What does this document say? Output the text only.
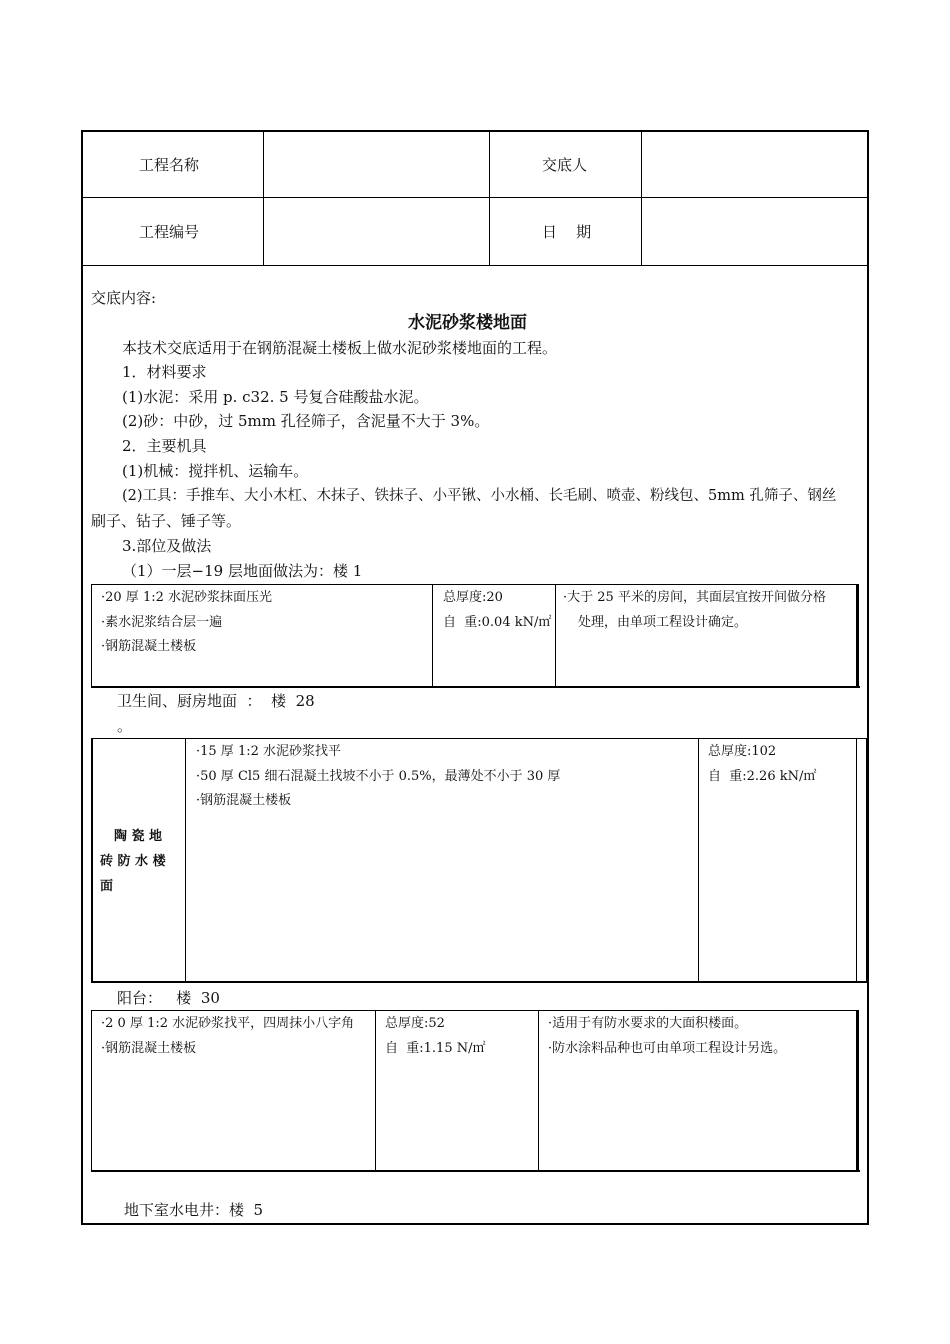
工程名称	交底人
工程编号	日    期
交底内容:
水泥砂浆楼地面
本技术交底适用于在钢筋混凝土楼板上做水泥砂浆楼地面的工程。
1．材料要求
(1)水泥：采用 p. c32. 5 号复合硅酸盐水泥。
(2)砂：中砂，过 5mm 孔径筛子，含泥量不大于 3%。
2．主要机具
(1)机械：搅拌机、运输车。
(2)工具：手推车、大小木杠、木抹子、铁抹子、小平锹、小水桶、长毛刷、喷壶、粉线包、5mm 孔筛子、钢丝
刷子、钻子、锤子等。
3.部位及做法
（1）一层−19 层地面做法为：楼 1
·20 厚 1:2 水泥砂浆抹面压光
·素水泥浆结合层一遍
·钢筋混凝土楼板
总厚度:20
自  重:0.04 kN/㎡
·大于 25 平米的房间，其面层宜按开间做分格
处理，由单项工程设计确定。
卫生间、厨房地面  ：  楼  28
。
陶 瓷 地
砖 防 水 楼
面
·15 厚 1:2 水泥砂浆找平
·50 厚 Cl5 细石混凝土找坡不小于 0.5%，最薄处不小于 30 厚
·钢筋混凝土楼板
总厚度:102
自  重:2.26 kN/㎡
阳台：   楼  30
·2 0 厚 1:2 水泥砂浆找平，四周抹小八字角
·钢筋混凝土楼板
总厚度:52
自  重:1.15 N/㎡
·适用于有防水要求的大面积楼面。
·防水涂料品种也可由单项工程设计另选。
地下室水电井：楼  5
